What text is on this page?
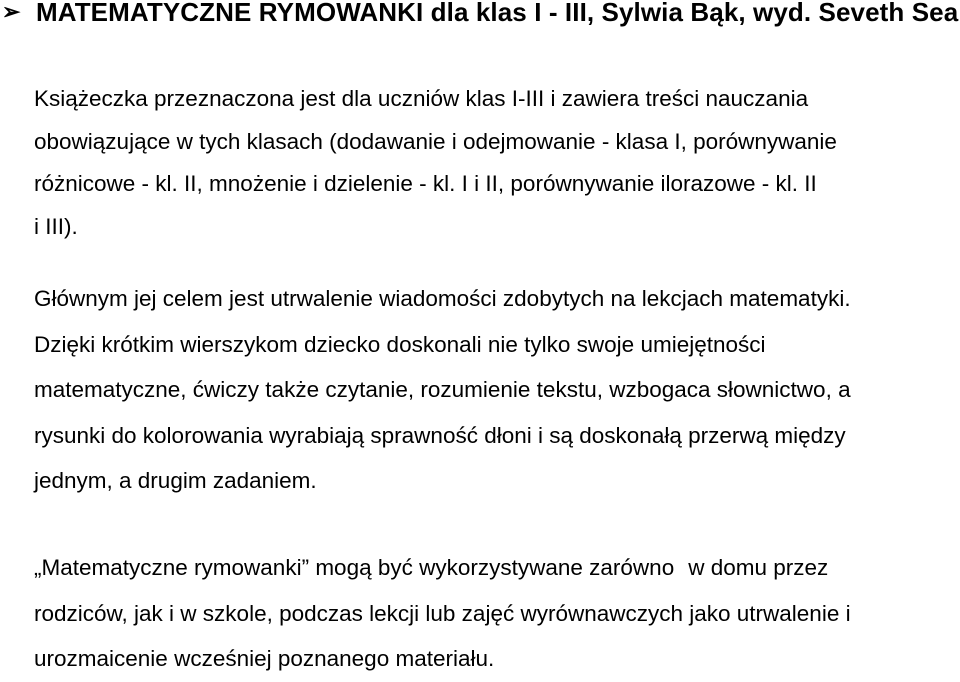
➢ MATEMATYCZNE RYMOWANKI dla klas I - III, Sylwia Bąk, wyd. Seveth Sea

Książeczka przeznaczona jest dla uczniów klas I-III i zawiera treści nauczania
obowiązujące w tych klasach (dodawanie i odejmowanie - klasa I, porównywanie
różnicowe - kl. II, mnożenie i dzielenie - kl. I i II, porównywanie ilorazowe - kl. II
i III).

Głównym jej celem jest utrwalenie wiadomości zdobytych na lekcjach matematyki.
Dzięki krótkim wierszykom dziecko doskonali nie tylko swoje umiejętności
matematyczne, ćwiczy także czytanie, rozumienie tekstu, wzbogaca słownictwo, a
rysunki do kolorowania wyrabiają sprawność dłoni i są doskonałą przerwą między
jednym, a drugim zadaniem.

„Matematyczne rymowanki” mogą być wykorzystywane zarówno w domu przez
rodziców, jak i w szkole, podczas lekcji lub zajęć wyrównawczych jako utrwalenie i
urozmaicenie wcześniej poznanego materiału.
